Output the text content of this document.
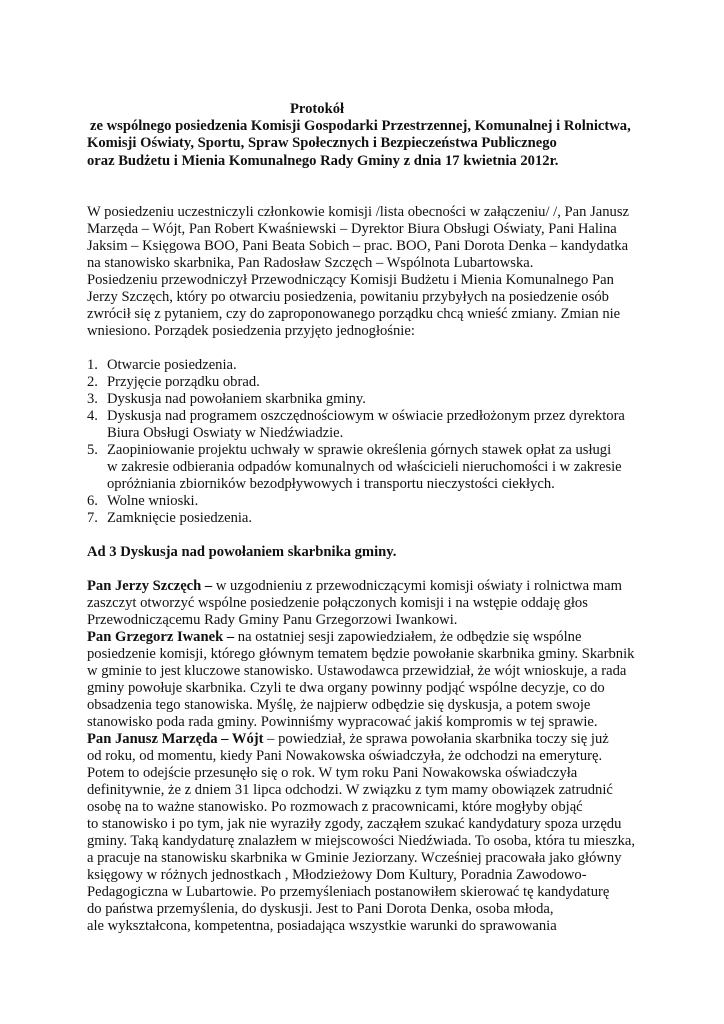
Protokół
ze wspólnego posiedzenia Komisji Gospodarki Przestrzennej, Komunalnej i Rolnictwa,
Komisji Oświaty, Sportu, Spraw Społecznych i Bezpieczeństwa Publicznego
oraz Budżetu i Mienia Komunalnego Rady Gminy z dnia 17 kwietnia 2012r.
W posiedzeniu uczestniczyli członkowie komisji /lista obecności w załączeniu/ /, Pan Janusz
Marzęda – Wójt, Pan Robert Kwaśniewski – Dyrektor Biura Obsługi Oświaty, Pani Halina
Jaksim – Księgowa BOO, Pani Beata Sobich – prac. BOO, Pani Dorota Denka – kandydatka
na stanowisko skarbnika, Pan Radosław Szczęch – Wspólnota Lubartowska.
Posiedzeniu przewodniczył Przewodniczący Komisji Budżetu i Mienia Komunalnego Pan
Jerzy Szczęch, który po otwarciu posiedzenia, powitaniu przybyłych na posiedzenie osób
zwrócił się z pytaniem, czy do zaproponowanego porządku chcą wnieść zmiany. Zmian nie
wniesiono. Porządek posiedzenia przyjęto jednogłośnie:
1. Otwarcie posiedzenia.
2. Przyjęcie porządku obrad.
3. Dyskusja nad powołaniem skarbnika gminy.
4. Dyskusja nad programem oszczędnościowym w oświacie przedłożonym przez dyrektora
Biura Obsługi Oswiaty w Niedźwiadzie.
5. Zaopiniowanie projektu uchwały w sprawie określenia górnych stawek opłat za usługi
w zakresie odbierania odpadów komunalnych od właścicieli nieruchomości i w zakresie
opróżniania zbiorników bezodpływowych i transportu nieczystości ciekłych.
6. Wolne wnioski.
7. Zamknięcie posiedzenia.
Ad 3 Dyskusja nad powołaniem skarbnika gminy.
Pan Jerzy Szczęch – w uzgodnieniu z przewodniczącymi komisji oświaty i rolnictwa mam
zaszczyt otworzyć wspólne posiedzenie połączonych komisji i na wstępie oddaję głos
Przewodniczącemu Rady Gminy Panu Grzegorzowi Iwankowi.
Pan Grzegorz Iwanek – na ostatniej sesji zapowiedziałem, że odbędzie się wspólne
posiedzenie komisji, którego głównym tematem będzie powołanie skarbnika gminy. Skarbnik
w gminie to jest kluczowe stanowisko. Ustawodawca przewidział, że wójt wnioskuje, a rada
gminy powołuje skarbnika. Czyli te dwa organy powinny podjąć wspólne decyzje, co do
obsadzenia tego stanowiska. Myślę, że najpierw odbędzie się dyskusja, a potem swoje
stanowisko poda rada gminy. Powinniśmy wypracować jakiś kompromis w tej sprawie.
Pan Janusz Marzęda – Wójt – powiedział, że sprawa powołania skarbnika toczy się już
od roku, od momentu, kiedy Pani Nowakowska oświadczyła, że odchodzi na emeryturę.
Potem to odejście przesunęło się o rok. W tym roku Pani Nowakowska oświadczyła
definitywnie, że z dniem 31 lipca odchodzi. W związku z tym mamy obowiązek zatrudnić
osobę na to ważne stanowisko. Po rozmowach z pracownicami, które mogłyby objąć
to stanowisko i po tym, jak nie wyraziły zgody, zacząłem szukać kandydatury spoza urzędu
gminy. Taką kandydaturę znalazłem w miejscowości Niedźwiada. To osoba, która tu mieszka,
a pracuje na stanowisku skarbnika w Gminie Jeziorzany. Wcześniej pracowała jako główny
księgowy w różnych jednostkach , Młodzieżowy Dom Kultury, Poradnia Zawodowo-
Pedagogiczna w Lubartowie. Po przemyśleniach postanowiłem skierować tę kandydaturę
do państwa przemyślenia, do dyskusji. Jest to Pani Dorota Denka, osoba młoda,
ale wykształcona, kompetentna, posiadająca wszystkie warunki do sprawowania
